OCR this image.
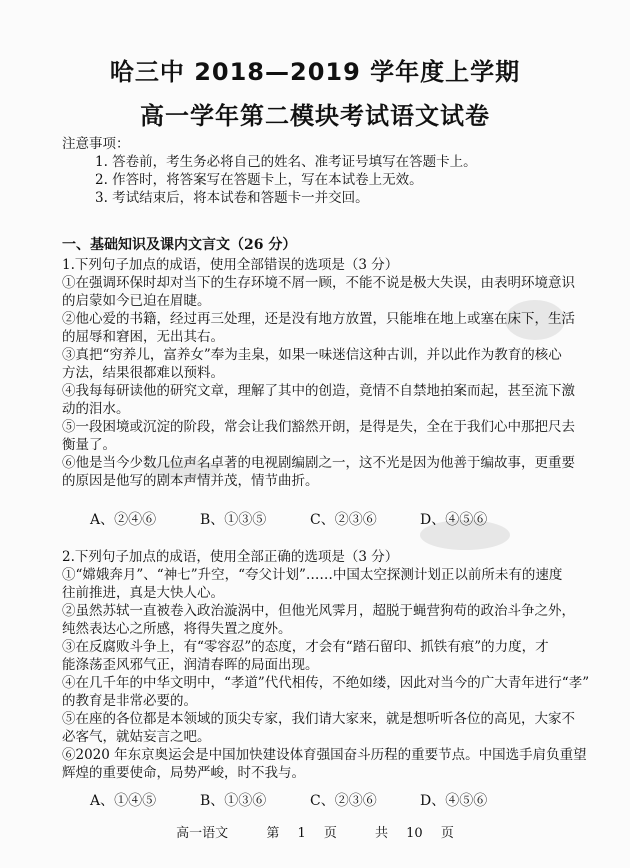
哈三中 2018—2019 学年度上学期
高一学年第二模块考试语文试卷
注意事项：
1. 答卷前，考生务必将自己的姓名、准考证号填写在答题卡上。
2. 作答时，将答案写在答题卡上，写在本试卷上无效。
3. 考试结束后，将本试卷和答题卡一并交回。
一、基础知识及课内文言文（26 分）
1.下列句子加点的成语，使用全部错误的选项是（3 分）
①在强调环保时却对当下的生存环境不屑一顾，不能不说是极大失误，由表明环境意识
的启蒙如今已迫在眉睫。
②他心爱的书籍，经过再三处理，还是没有地方放置，只能堆在地上或塞在床下，生活
的屈辱和窘困，无出其右。
③真把“穷养儿，富养女”奉为圭臬，如果一味迷信这种古训，并以此作为教育的核心
方法，结果很都难以预料。
④我每每研读他的研究文章，理解了其中的创造，竟情不自禁地拍案而起，甚至流下激
动的泪水。
⑤一段困境或沉淀的阶段，常会让我们豁然开朗，是得是失，全在于我们心中那把尺去
衡量了。
⑥他是当今少数几位声名卓著的电视剧编剧之一，这不光是因为他善于编故事，更重要
的原因是他写的剧本声情并茂，情节曲折。
A、②④⑥	B、①③⑤	C、②③⑥	D、④⑤⑥
2.下列句子加点的成语，使用全部正确的选项是（3 分）
①“嫦娥奔月”、“神七”升空，“夸父计划”……中国太空探测计划正以前所未有的速度
往前推进，真是大快人心。
②虽然苏轼一直被卷入政治漩涡中，但他光风霁月，超脱于蝇营狗苟的政治斗争之外，
纯然表达心之所感，将得失置之度外。
③在反腐败斗争上，有“零容忍”的态度，才会有“踏石留印、抓铁有痕”的力度，才
能涤荡歪风邪气正，润清春晖的局面出现。
④在几千年的中华文明中，“孝道”代代相传，不绝如缕，因此对当今的广大青年进行“孝”
的教育是非常必要的。
⑤在座的各位都是本领域的顶尖专家，我们请大家来，就是想听听各位的高见，大家不
必客气，就姑妄言之吧。
⑥2020 年东京奥运会是中国加快建设体育强国奋斗历程的重要节点。中国选手肩负重望
辉煌的重要使命，局势严峻，时不我与。
A、①④⑤	B、①③⑥	C、②③⑥	D、④⑤⑥
高一语文	第 1 页	共 10 页
